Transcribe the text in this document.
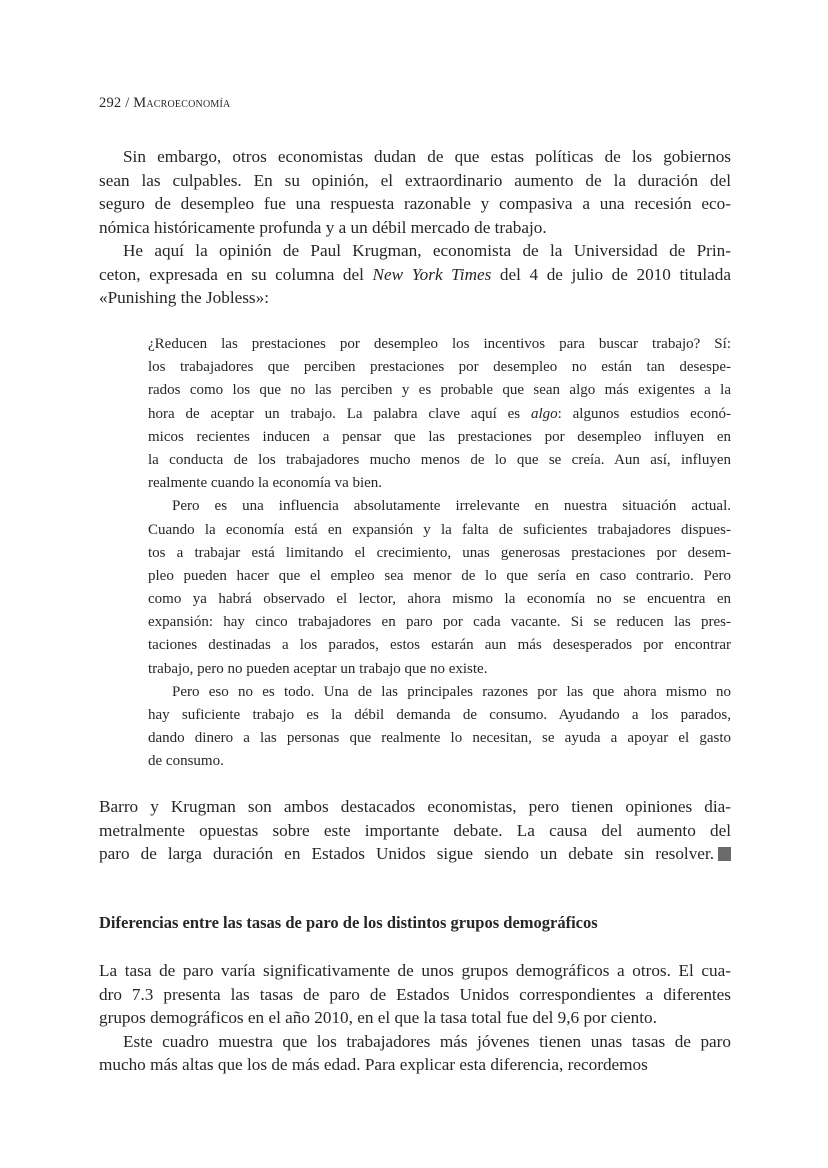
292 / Macroeconomía
Sin embargo, otros economistas dudan de que estas políticas de los gobiernos
sean las culpables. En su opinión, el extraordinario aumento de la duración del
seguro de desempleo fue una respuesta razonable y compasiva a una recesión eco-
nómica históricamente profunda y a un débil mercado de trabajo.
He aquí la opinión de Paul Krugman, economista de la Universidad de Prin-
ceton, expresada en su columna del New York Times del 4 de julio de 2010 titulada
«Punishing the Jobless»:
¿Reducen las prestaciones por desempleo los incentivos para buscar trabajo? Sí:
los trabajadores que perciben prestaciones por desempleo no están tan desespe-
rados como los que no las perciben y es probable que sean algo más exigentes a la
hora de aceptar un trabajo. La palabra clave aquí es algo: algunos estudios econó-
micos recientes inducen a pensar que las prestaciones por desempleo influyen en
la conducta de los trabajadores mucho menos de lo que se creía. Aun así, influyen
realmente cuando la economía va bien.
Pero es una influencia absolutamente irrelevante en nuestra situación actual.
Cuando la economía está en expansión y la falta de suficientes trabajadores dispues-
tos a trabajar está limitando el crecimiento, unas generosas prestaciones por desem-
pleo pueden hacer que el empleo sea menor de lo que sería en caso contrario. Pero
como ya habrá observado el lector, ahora mismo la economía no se encuentra en
expansión: hay cinco trabajadores en paro por cada vacante. Si se reducen las pres-
taciones destinadas a los parados, estos estarán aun más desesperados por encontrar
trabajo, pero no pueden aceptar un trabajo que no existe.
Pero eso no es todo. Una de las principales razones por las que ahora mismo no
hay suficiente trabajo es la débil demanda de consumo. Ayudando a los parados,
dando dinero a las personas que realmente lo necesitan, se ayuda a apoyar el gasto
de consumo.
Barro y Krugman son ambos destacados economistas, pero tienen opiniones dia-
metralmente opuestas sobre este importante debate. La causa del aumento del
paro de larga duración en Estados Unidos sigue siendo un debate sin resolver.
Diferencias entre las tasas de paro de los distintos grupos demográficos
La tasa de paro varía significativamente de unos grupos demográficos a otros. El cua-
dro 7.3 presenta las tasas de paro de Estados Unidos correspondientes a diferentes
grupos demográficos en el año 2010, en el que la tasa total fue del 9,6 por ciento.
Este cuadro muestra que los trabajadores más jóvenes tienen unas tasas de paro
mucho más altas que los de más edad. Para explicar esta diferencia, recordemos
